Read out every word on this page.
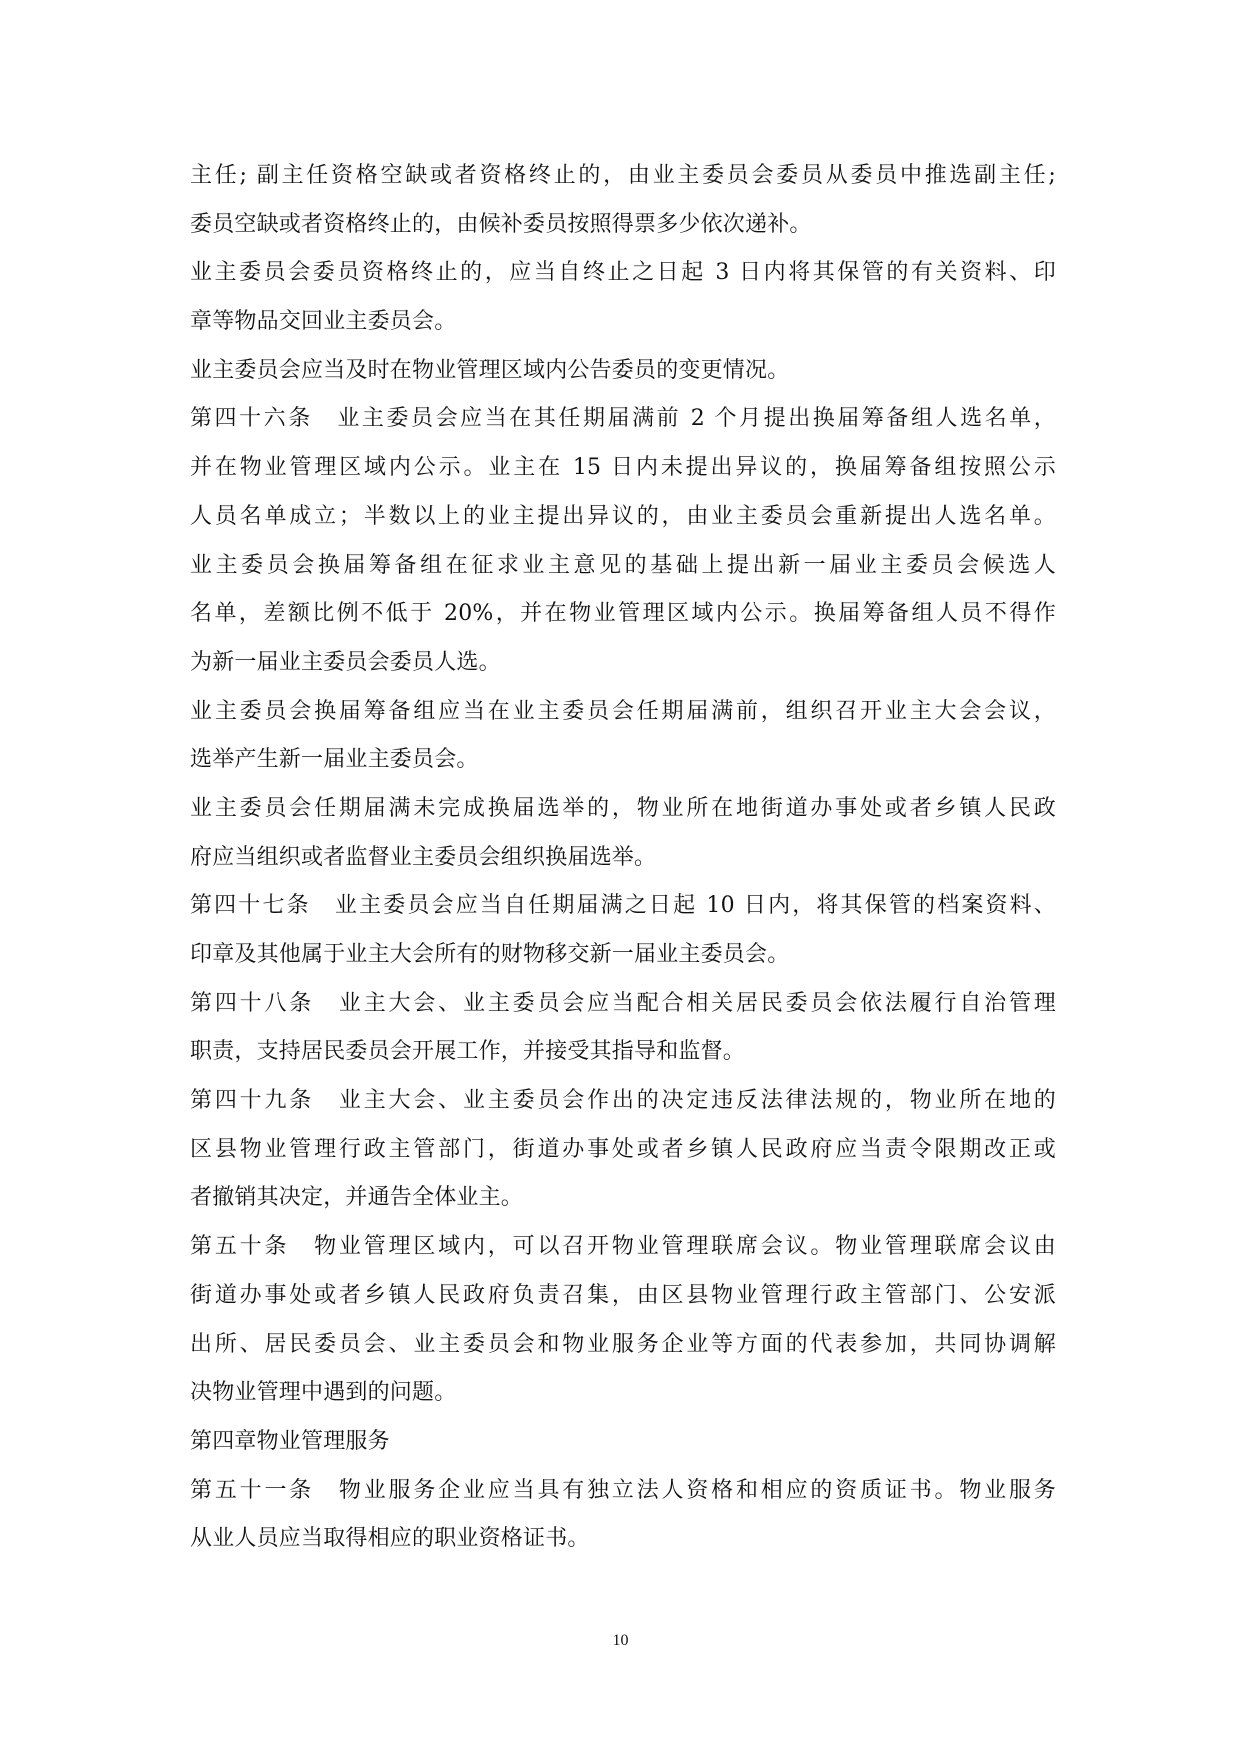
主任; 副主任资格空缺或者资格终止的，由业主委员会委员从委员中推选副主任;
委员空缺或者资格终止的，由候补委员按照得票多少依次递补。
业主委员会委员资格终止的，应当自终止之日起 3 日内将其保管的有关资料、印
章等物品交回业主委员会。
业主委员会应当及时在物业管理区域内公告委员的变更情况。
第四十六条　业主委员会应当在其任期届满前 2 个月提出换届筹备组人选名单，
并在物业管理区域内公示。业主在 15 日内未提出异议的，换届筹备组按照公示
人员名单成立；半数以上的业主提出异议的，由业主委员会重新提出人选名单。
业主委员会换届筹备组在征求业主意见的基础上提出新一届业主委员会候选人
名单，差额比例不低于 20%，并在物业管理区域内公示。换届筹备组人员不得作
为新一届业主委员会委员人选。
业主委员会换届筹备组应当在业主委员会任期届满前，组织召开业主大会会议，
选举产生新一届业主委员会。
业主委员会任期届满未完成换届选举的，物业所在地街道办事处或者乡镇人民政
府应当组织或者监督业主委员会组织换届选举。
第四十七条　业主委员会应当自任期届满之日起 10 日内，将其保管的档案资料、
印章及其他属于业主大会所有的财物移交新一届业主委员会。
第四十八条　业主大会、业主委员会应当配合相关居民委员会依法履行自治管理
职责，支持居民委员会开展工作，并接受其指导和监督。
第四十九条　业主大会、业主委员会作出的决定违反法律法规的，物业所在地的
区县物业管理行政主管部门，街道办事处或者乡镇人民政府应当责令限期改正或
者撤销其决定，并通告全体业主。
第五十条　物业管理区域内，可以召开物业管理联席会议。物业管理联席会议由
街道办事处或者乡镇人民政府负责召集，由区县物业管理行政主管部门、公安派
出所、居民委员会、业主委员会和物业服务企业等方面的代表参加，共同协调解
决物业管理中遇到的问题。
第四章物业管理服务
第五十一条　物业服务企业应当具有独立法人资格和相应的资质证书。物业服务
从业人员应当取得相应的职业资格证书。
10
